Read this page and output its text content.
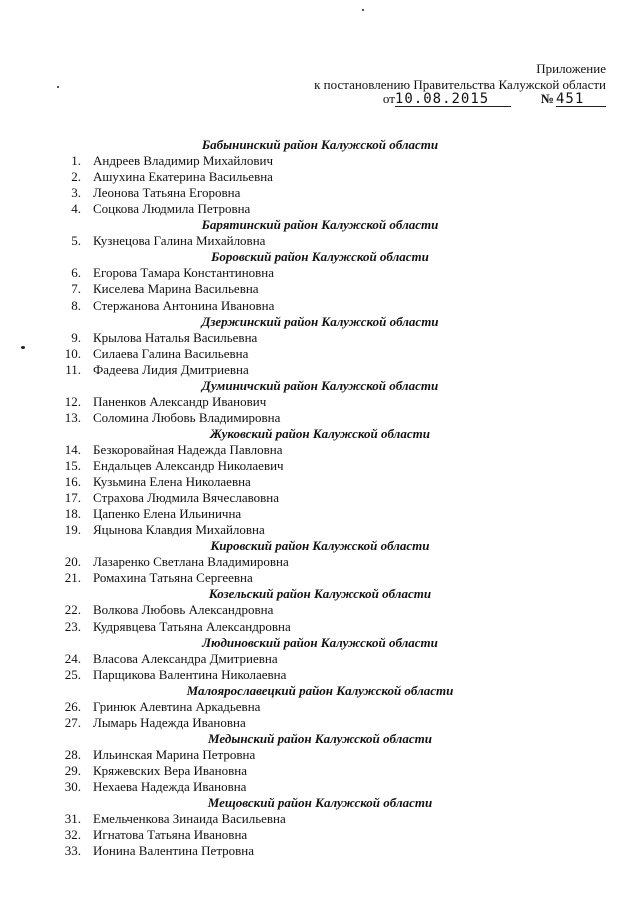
Приложение
к постановлению Правительства Калужской области
от10.08.2015	№ 451
Бабынинский район Калужской области
1. Андреев Владимир Михайлович
2. Ашухина Екатерина Васильевна
3. Леонова Татьяна Егоровна
4. Соцкова Людмила Петровна
Барятинский район Калужской области
5. Кузнецова Галина Михайловна
Боровский район Калужской области
6. Егорова Тамара Константиновна
7. Киселева Марина Васильевна
8. Стержанова Антонина Ивановна
Дзержинский район Калужской области
9. Крылова Наталья Васильевна
10. Силаева Галина Васильевна
11. Фадеева Лидия Дмитриевна
Думиничский район Калужской области
12. Паненков Александр Иванович
13. Соломина Любовь Владимировна
Жуковский район Калужской области
14. Безкоровайная Надежда Павловна
15. Ендальцев Александр Николаевич
16. Кузьмина Елена Николаевна
17. Страхова Людмила Вячеславовна
18. Цапенко Елена Ильинична
19. Яцынова Клавдия Михайловна
Кировский район Калужской области
20. Лазаренко Светлана Владимировна
21. Ромахина Татьяна Сергеевна
Козельский район Калужской области
22. Волкова Любовь Александровна
23. Кудрявцева Татьяна Александровна
Людиновский район Калужской области
24. Власова Александра Дмитриевна
25. Парщикова Валентина Николаевна
Малоярославецкий район Калужской области
26. Гринюк Алевтина Аркадьевна
27. Лымарь Надежда Ивановна
Медынский район Калужской области
28. Ильинская Марина Петровна
29. Кряжевских Вера Ивановна
30. Нехаева Надежда Ивановна
Мещовский район Калужской области
31. Емельченкова Зинаида Васильевна
32. Игнатова Татьяна Ивановна
33. Ионина Валентина Петровна
